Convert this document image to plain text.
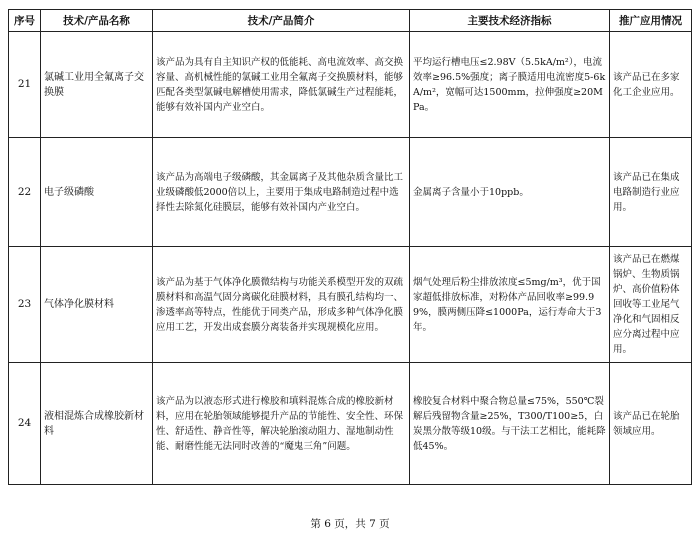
序号	技术/产品名称	技术/产品简介	主要技术经济指标	推广应用情况
21	氯碱工业用全氟离子交换膜	该产品为具有自主知识产权的低能耗、高电流效率、高交换容量、高机械性能的氯碱工业用全氟离子交换膜材料，能够匹配各类型氯碱电解槽使用需求，降低氯碱生产过程能耗，能够有效补国内产业空白。	平均运行槽电压≤2.98V（5.5kA/m²），电流效率≥96.5%强度；离子膜适用电流密度5-6kA/m²，宽幅可达1500mm，拉伸强度≥20MPa。	该产品已在多家化工企业应用。
22	电子级磷酸	该产品为高端电子级磷酸，其金属离子及其他杂质含量比工业级磷酸低2000倍以上，主要用于集成电路制造过程中选择性去除氮化硅膜层，能够有效补国内产业空白。	金属离子含量小于10ppb。	该产品已在集成电路制造行业应用。
23	气体净化膜材料	该产品为基于气体净化膜微结构与功能关系模型开发的双疏膜材料和高温气固分离碳化硅膜材料，具有膜孔结构均一、渗透率高等特点，性能优于同类产品，形成多种气体净化膜应用工艺，开发出成套膜分离装备并实现规模化应用。	烟气处理后粉尘排放浓度≤5mg/m³，优于国家超低排放标准，对粉体产品回收率≥99.99%，膜两侧压降≤1000Pa，运行寿命大于3年。	该产品已在燃煤锅炉、生物质锅炉、高价值粉体回收等工业尾气净化和气固相反应分离过程中应用。
24	液相混炼合成橡胶新材料	该产品为以液态形式进行橡胶和填料混炼合成的橡胶新材料，应用在轮胎领域能够提升产品的节能性、安全性、环保性、舒适性、静音性等，解决轮胎滚动阻力、湿地制动性能、耐磨性能无法同时改善的“魔鬼三角”问题。	橡胶复合材料中聚合物总量≤75%，550℃裂解后残留物含量≥25%，T300/T100≥5，白炭黑分散等级10级。与干法工艺相比，能耗降低45%。	该产品已在轮胎领域应用。
第 6 页，共 7 页
